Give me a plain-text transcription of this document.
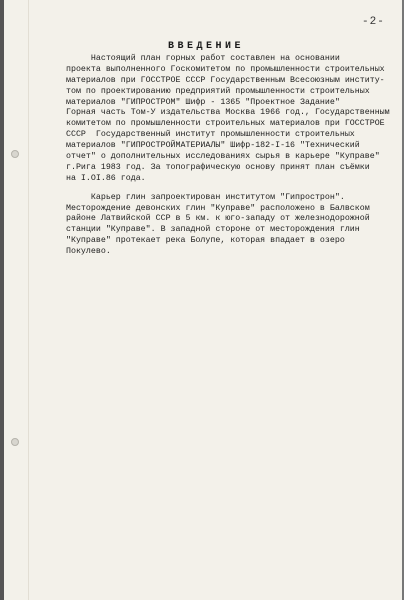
-2-
ВВЕДЕНИЕ
Настоящий план горных работ составлен на основании
проекта выполненного Госкомитетом по промышленности строительных
материалов при ГОССТРОЕ СССР Государственным Всесоюзным институ-
том по проектированию предприятий промышленности строительных
материалов "ГИПРОСТРОМ" Шифр - 1365 "Проектное Задание"
Горная часть Том-У издательства Москва 1966 год., Государственным
комитетом по промышленности строительных материалов при ГОССТРОЕ
СССР  Государственный институт промышленности строительных
материалов "ГИПРОСТРОЙМАТЕРИАЛЫ" Шифр-182-I-16 "Технический
отчет" о дополнительных исследованиях сырья в карьере "Куправе"
г.Рига 1983 год. За топографическую основу принят план съёмки
на I.OI.86 года.
Карьер глин запроектирован институтом "Гипрострон".
Месторождение девонских глин "Куправе" расположено в Балвском
районе Латвийской ССР в 5 км. к юго-западу от железнодорожной
станции "Куправе". В западной стороне от месторождения глин
"Куправе" протекает река Болупе, которая впадает в озеро
Покулево.
